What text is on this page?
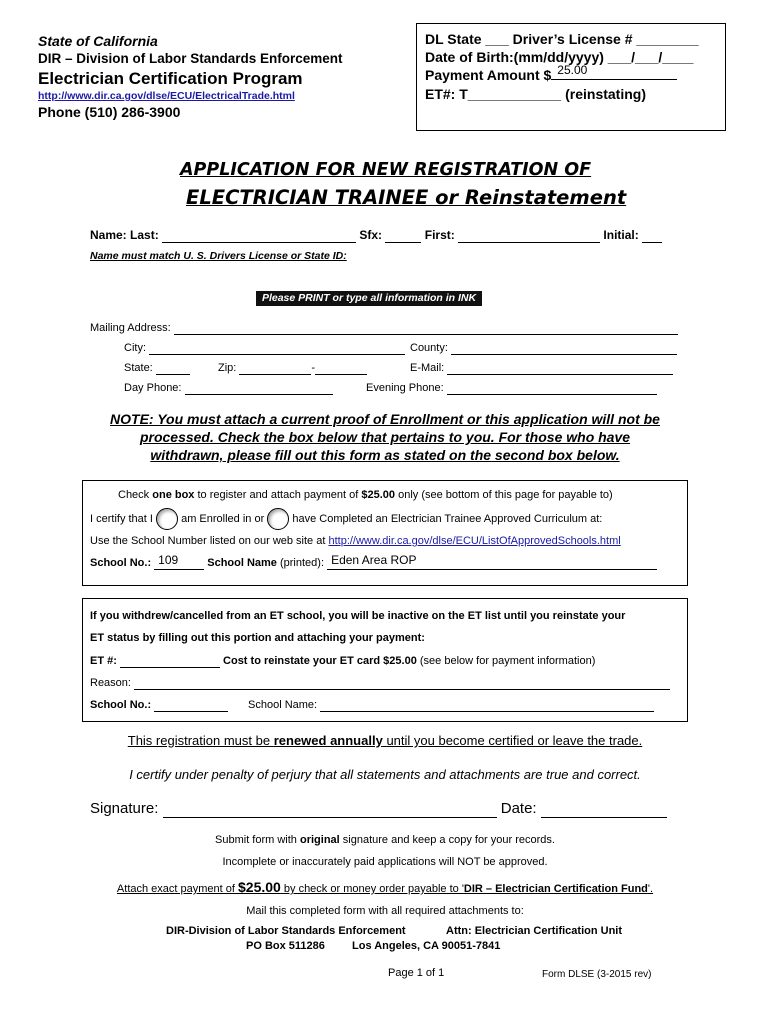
State of California
DIR – Division of Labor Standards Enforcement
Electrician Certification Program
http://www.dir.ca.gov/dlse/ECU/ElectricalTrade.html
Phone (510) 286-3900
DL State ___ Driver’s License # ________
Date of Birth:(mm/dd/yyyy) ___/___/____
Payment Amount $ 25.00
ET#: T____________ (reinstating)
APPLICATION FOR NEW REGISTRATION OF
ELECTRICIAN TRAINEE or Reinstatement
Name: Last:	Sfx:	First:	Initial:
Name must match U. S. Drivers License or State ID:
Please PRINT or type all information in INK
Mailing Address:
City:	County:
State:	Zip:	-	E-Mail:
Day Phone:	Evening Phone:
NOTE: You must attach a current proof of Enrollment or this application will not be
processed. Check the box below that pertains to you. For those who have
withdrawn, please fill out this form as stated on the second box below.
Check one box to register and attach payment of $25.00 only (see bottom of this page for payable to)
I certify that I	am Enrolled in or	have Completed an Electrician Trainee Approved Curriculum at:
Use the School Number listed on our web site at http://www.dir.ca.gov/dlse/ECU/ListOfApprovedSchools.html
School No.: 109	School Name (printed): Eden Area ROP
If you withdrew/cancelled from an ET school, you will be inactive on the ET list until you reinstate your
ET status by filling out this portion and attaching your payment:
ET #:	Cost to reinstate your ET card $25.00 (see below for payment information)
Reason:
School No.:	School Name:
This registration must be renewed annually until you become certified or leave the trade.
I certify under penalty of perjury that all statements and attachments are true and correct.
Signature:	Date:
Submit form with original signature and keep a copy for your records.
Incomplete or inaccurately paid applications will NOT be approved.
Attach exact payment of $25.00 by check or money order payable to 'DIR – Electrician Certification Fund'.
Mail this completed form with all required attachments to:
DIR-Division of Labor Standards Enforcement	Attn: Electrician Certification Unit
PO Box 511286 Los Angeles, CA 90051-7841
Page 1 of 1	Form DLSE (3-2015 rev)
